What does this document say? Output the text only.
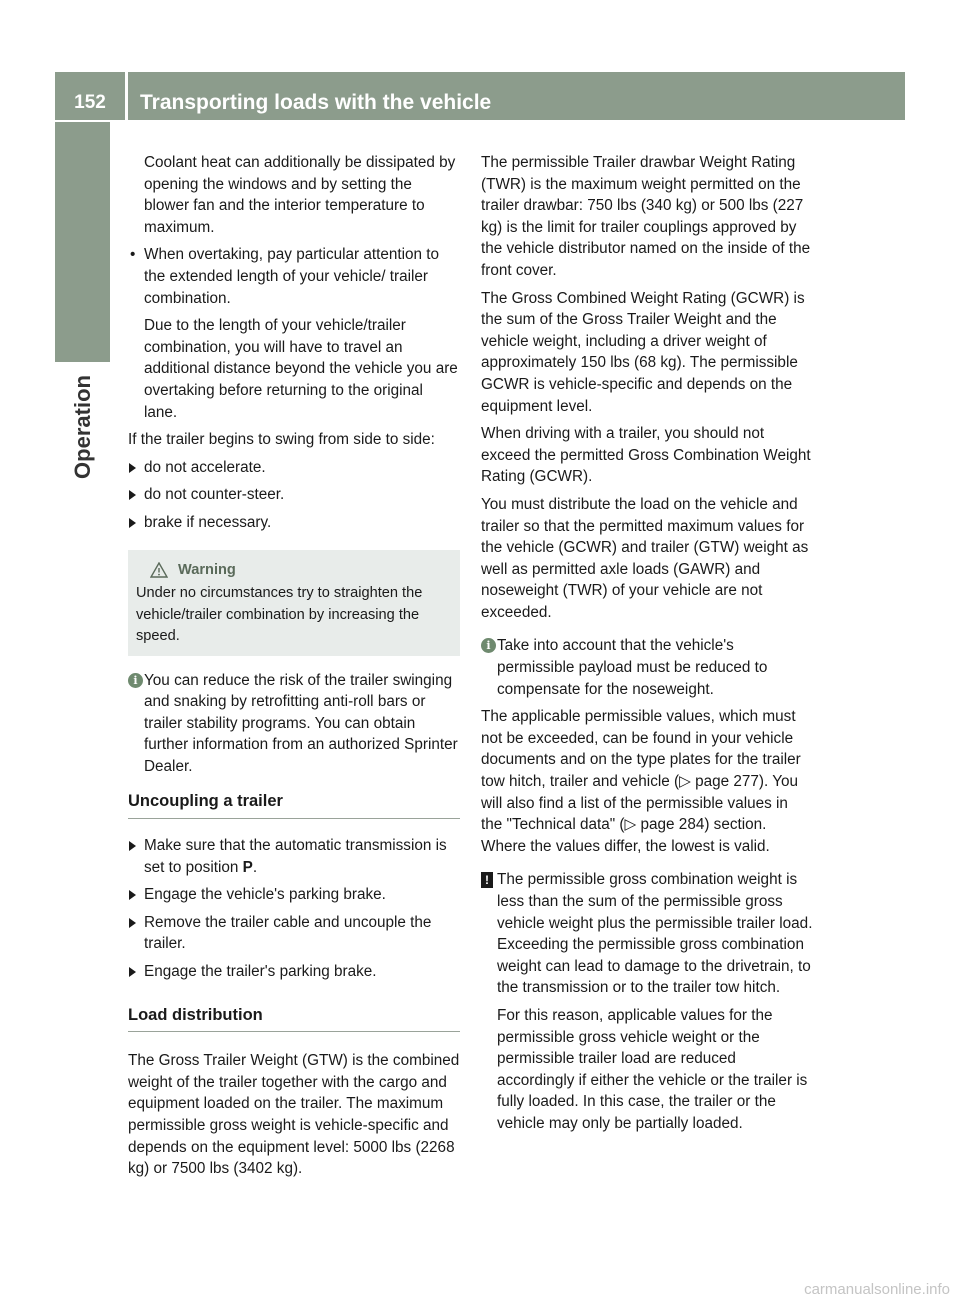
152	Transporting loads with the vehicle
Operation

Coolant heat can additionally be dissipated by opening the windows and by setting the blower fan and the interior temperature to maximum.

• When overtaking, pay particular attention to the extended length of your vehicle/ trailer combination.

Due to the length of your vehicle/trailer combination, you will have to travel an additional distance beyond the vehicle you are overtaking before returning to the original lane.

If the trailer begins to swing from side to side:

do not accelerate.
do not counter-steer.
brake if necessary.
Warning
Under no circumstances try to straighten the vehicle/trailer combination by increasing the speed.
i You can reduce the risk of the trailer swinging and snaking by retrofitting anti-roll bars or trailer stability programs. You can obtain further information from an authorized Sprinter Dealer.
Uncoupling a trailer
Make sure that the automatic transmission is set to position P.
Engage the vehicle's parking brake.
Remove the trailer cable and uncouple the trailer.
Engage the trailer's parking brake.
Load distribution

The Gross Trailer Weight (GTW) is the combined weight of the trailer together with the cargo and equipment loaded on the trailer. The maximum permissible gross weight is vehicle-specific and depends on the equipment level: 5000 lbs (2268 kg) or 7500 lbs (3402 kg).

The permissible Trailer drawbar Weight Rating (TWR) is the maximum weight permitted on the trailer drawbar: 750 lbs (340 kg) or 500 lbs (227 kg) is the limit for trailer couplings approved by the vehicle distributor named on the inside of the front cover.

The Gross Combined Weight Rating (GCWR) is the sum of the Gross Trailer Weight and the vehicle weight, including a driver weight of approximately 150 lbs (68 kg). The permissible GCWR is vehicle-specific and depends on the equipment level.

When driving with a trailer, you should not exceed the permitted Gross Combination Weight Rating (GCWR).

You must distribute the load on the vehicle and trailer so that the permitted maximum values for the vehicle (GCWR) and trailer (GTW) weight as well as permitted axle loads (GAWR) and noseweight (TWR) of your vehicle are not exceeded.

i Take into account that the vehicle's permissible payload must be reduced to compensate for the noseweight.

The applicable permissible values, which must not be exceeded, can be found in your vehicle documents and on the type plates for the trailer tow hitch, trailer and vehicle (▷ page 277). You will also find a list of the permissible values in the "Technical data" (▷ page 284) section. Where the values differ, the lowest is valid.

! The permissible gross combination weight is less than the sum of the permissible gross vehicle weight plus the permissible trailer load. Exceeding the permissible gross combination weight can lead to damage to the drivetrain, to the transmission or to the trailer tow hitch.
For this reason, applicable values for the permissible gross vehicle weight or the permissible trailer load are reduced accordingly if either the vehicle or the trailer is fully loaded. In this case, the trailer or the vehicle may only be partially loaded.
carmanualsonline.info
